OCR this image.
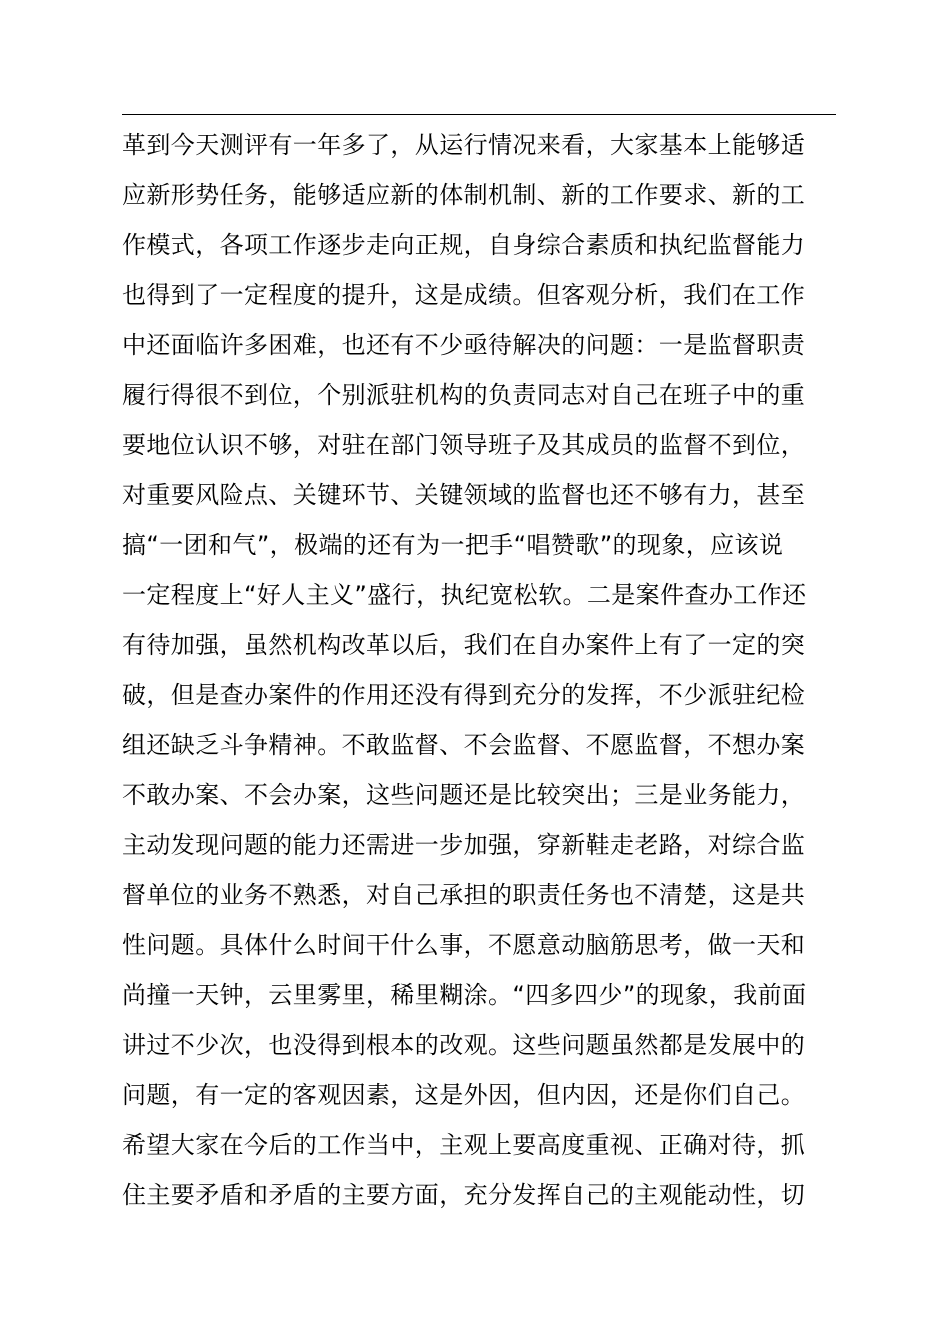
革到今天测评有一年多了，从运行情况来看，大家基本上能够适
应新形势任务，能够适应新的体制机制、新的工作要求、新的工
作模式，各项工作逐步走向正规，自身综合素质和执纪监督能力
也得到了一定程度的提升，这是成绩。但客观分析，我们在工作
中还面临许多困难，也还有不少亟待解决的问题：一是监督职责
履行得很不到位，个别派驻机构的负责同志对自己在班子中的重
要地位认识不够，对驻在部门领导班子及其成员的监督不到位，
对重要风险点、关键环节、关键领域的监督也还不够有力，甚至
搞“一团和气”，极端的还有为一把手“唱赞歌”的现象，应该说
一定程度上“好人主义”盛行，执纪宽松软。二是案件查办工作还
有待加强，虽然机构改革以后，我们在自办案件上有了一定的突
破，但是查办案件的作用还没有得到充分的发挥，不少派驻纪检
组还缺乏斗争精神。不敢监督、不会监督、不愿监督，不想办案
不敢办案、不会办案，这些问题还是比较突出；三是业务能力，
主动发现问题的能力还需进一步加强，穿新鞋走老路，对综合监
督单位的业务不熟悉，对自己承担的职责任务也不清楚，这是共
性问题。具体什么时间干什么事，不愿意动脑筋思考，做一天和
尚撞一天钟，云里雾里，稀里糊涂。“四多四少”的现象，我前面
讲过不少次，也没得到根本的改观。这些问题虽然都是发展中的
问题，有一定的客观因素，这是外因，但内因，还是你们自己。
希望大家在今后的工作当中，主观上要高度重视、正确对待，抓
住主要矛盾和矛盾的主要方面，充分发挥自己的主观能动性，切
